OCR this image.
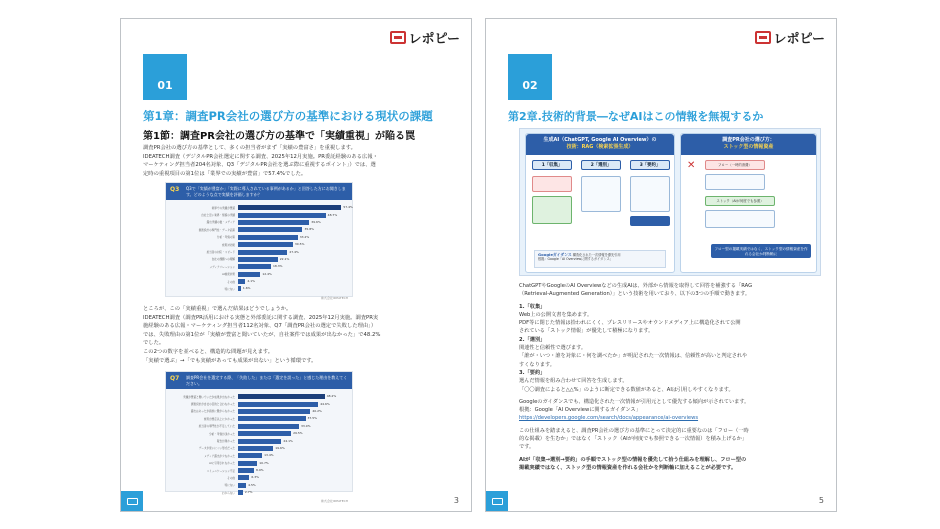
レポピー
01
第1章：調査PR会社の選び方の基準における現状の課題
第1節：調査PR会社の選び方の基準で「実績重視」が陥る罠

調査PR会社の選び方の基準として、多くの担当者がまず「実績の豊富さ」を重視します。

IDEATECH調査（デジタルPR会社選定に関する調査、2025年12月実施。PR委託経験のある広報・

マーケティング担当者204名対象、Q3「デジタルPR会社を選ぶ際に重視するポイント」）では、選

定時の重視項目の第1位は「業界での実績が豊富」で57.4%でした。

Q3 Q3で「実績が豊富か」「実際に導入されている事例があるか」と回答した方にお聞きします。どのような点で実績を評価しますか？
業界での実績が豊富	57.4%
自社と近い業界・規模の実績	48.7%
露出実績の数・メディア	39.6%
調査設計の専門性・データ品質	35.8%
分析・考察の質	33.2%
費用対効果	30.5%
担当者の対応・スピード	27.4%
自社の課題への理解	22.1%
メディアリレーション	18.3%
AI検索対策	12.4%
その他	4.1%
特にない	1.6%
株式会社IDEATECH

ところが、この「実績重視」で選んだ結果はどうでしょうか。

IDEATECH調査（調査PR活用における実態と外部委託に関する調査、2025年12月実施。調査PR実

施経験のある広報・マーケティング担当者112名対象、Q7「調査PR会社の選定で失敗した理由」）

では、失敗理由の第1位が「実績が豊富と聞いていたが、自社案件では成果が出なかった」で48.2%

でした。

この2つの数字を並べると、構造的な問題が見えます。

「実績で選ぶ」→「でも実績があっても成果が出ない」という循環です。

Q7 調査PR会社を選定する際、「失敗した」または「選定を誤った」と感じた理由を教えてください。
実績が豊富と聞いていたが成果が出なかった	48.2%
調査設計が自社の目的と合わなかった	44.6%
露出はあったが商談に繋がらなかった	40.2%
費用が想定以上にかかった	37.5%
担当者の専門性が不足していた	33.9%
分析・考察が浅かった	29.5%
報告が遅かった	24.1%
データが使いにくい形式だった	19.6%
メディア露出が少なかった	13.4%
AIに引用されなかった	10.7%
コミュニケーション不足	8.9%
その他	6.3%
特にない	4.5%
わからない	2.7%
株式会社IDEATECH	3
レポピー
02
第2章.技術的背景―なぜAIはこの情報を無視するか
生成AI（ChatGPT, Google AI Overview）の
技術：RAG（検索拡張生成）
1「収集」	2「選別」	3「要約」
Googleガイダンス 構造化された一次情報を優先引用
根拠：Google「AI Overviewに関するガイダンス」
調査PR会社の選び方：
ストック型の情報資産
✕	フロー（一時的消費）
ストック（AIが何度でも参照）
フロー型の掲載実績ではなく、ストック型の情報資産を作れる会社か判断軸に

ChatGPTやGoogleのAI Overviewなどの生成AIは、外部から情報を取得して回答を補強する「RAG

（Retrieval-Augmented Generation）」という技術を用いており、以下の3つの手順で動きます。

1.「収集」

Web上の公開文書を集めます。

PDF等に閉じた情報は拾われにくく、プレスリリースやオウンドメディア上に構造化されて公開

されている「ストック情報」が優先して積極になります。

2.「選別」

関連性と信頼性で選びます。

「誰が・いつ・誰を対象に・何を調べたか」が明記された一次情報は、信頼性が高いと判定されや

すくなります。

3.「要約」

選んだ情報を組み合わせて回答を生成します。

「〇〇調査によると△△%」のように断定できる数値があると、AIは引用しやすくなります。

Googleのガイダンスでも、構造化された一次情報が引用元として優先する傾向が示されています。

根拠：Google「AI Overviewに関するガイダンス」

https://developers.google.com/search/docs/appearance/ai-overviews

この仕組みを踏まえると、調査PR会社の選び方の基準にとって決定的に重要なのは「フロー（一時

的な掲載）を生むか」ではなく「ストック（AIが何度でも参照できる一次情報）を積み上げるか」

です。

AIが「収集→選別→要約」の手順でストック型の情報を優先して拾う仕組みを理解し、フロー型の

掲載実績ではなく、ストック型の情報資産を作れる会社かを判断軸に加えることが必要です。

5
